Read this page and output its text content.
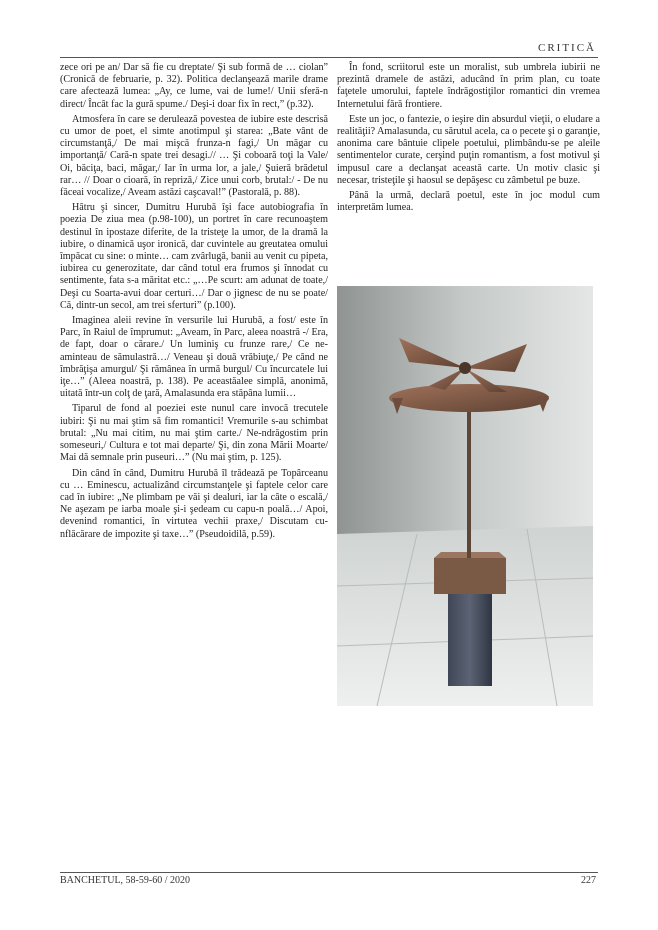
CRITICĂ

zece ori pe an/ Dar să fie cu dreptate/ Şi sub formă de … ciolan” (Cronică de februarie, p. 32). Politica declanşează marile drame care afectează lumea: „Ay, ce lume, vai de lume!/ Unii sferă-n direct/ Încât fac la gură spume./ Deşi-i doar fix în rect,” (p.32).

Atmosfera în care se derulează povestea de iubire este descrisă cu umor de poet, el simte anotimpul şi starea: „Bate vânt de circumstanţă,/ De mai mişcă frunza-n fagi,/ Un măgar cu importanţă/ Cară-n spate trei desagi.// … Şi coboară toţi la Vale/ Oi, băciţa, baci, măgar,/ Iar în urma lor, a jale,/ Şuieră brădetul rar… // Doar o cioară, în repriză,/ Zice unui corb, brutal:/ - De nu făceai vocalize,/ Aveam astăzi caşcaval!” (Pastorală, p. 88).

Hâtru şi sincer, Dumitru Hurubă îşi face autobiografia în poezia De ziua mea (p.98-100), un portret în care recunoaştem destinul în ipostaze diferite, de la tristeţe la umor, de la dramă la iubire, o dinamică uşor ironică, dar cuvintele au greutatea omului împăcat cu sine: o minte… cam zvârlugă, banii au venit cu pipeta, iubirea cu generozitate, dar când totul era frumos şi înnodat cu sentimente, fata s-a măritat etc.: „…Pe scurt: am adunat de toate,/ Deşi cu Soarta-avui doar certuri…/ Dar o jignesc de nu se poate/ Că, dintr-un secol, am trei sferturi” (p.100).

Imaginea aleii revine în versurile lui Hurubă, a fost/ este în Parc, în Raiul de împrumut: „Aveam, în Parc, aleea noastră -/ Era, de fapt, doar o cărare./ Un luminiş cu frunze rare,/ Ce ne-aminteau de sămulastră…/ Veneau şi două vrăbiuţe,/ Pe când ne îmbrăţişa amurgul/ Şi rămânea în urmă burgul/ Cu încurcatele lui iţe…” (Aleea noastră, p. 138). Pe aceastăalee simplă, anonimă, uitată într-un colţ de ţară, Amalasunda era stăpâna lumii…

Tiparul de fond al poeziei este nunul care invocă trecutele iubiri: Şi nu mai ştim să fim romantici! Vremurile s-au schimbat brutal: „Nu mai citim, nu mai ştim carte./ Ne-ndrăgostim prin someseuri,/ Cultura e tot mai departe/ Şi, din zona Mării Moarte/ Mai dă semnale prin puseuri…” (Nu mai ştim, p. 125).

Din când în când, Dumitru Hurubă îl trădează pe Topârceanu cu … Eminescu, actualizând circumstanţele şi faptele celor care cad în iubire: „Ne plimbam pe văi şi dealuri, iar la câte o escală,/ Ne aşezam pe iarba moale şi-i şedeam cu capu-n poală…/ Apoi, devenind romantici, în virtutea vechii praxe,/ Discutam cu-nflăcărare de impozite şi taxe…” (Pseudoidilă, p.59).

În fond, scriitorul este un moralist, sub umbrela iubirii ne prezintă dramele de astăzi, aducând în prim plan, cu toate faţetele umorului, faptele îndrăgostiţilor romantici din vremea Internetului fără frontiere.

Este un joc, o fantezie, o ieşire din absurdul vieţii, o eludare a realităţii? Amalasunda, cu sărutul acela, ca o pecete şi o garanţie, anonima care bântuie clipele poetului, plimbându-se pe aleile sentimentelor curate, cerşind puţin romantism, a fost motivul şi impusul care a declanşat această carte. Un motiv clasic şi necesar, tristeţile şi haosul se depăşesc cu zâmbetul pe buze.

Până la urmă, declară poetul, este în joc modul cum interpretăm lumea.

BANCHETUL, 58-59-60 / 2020	227
